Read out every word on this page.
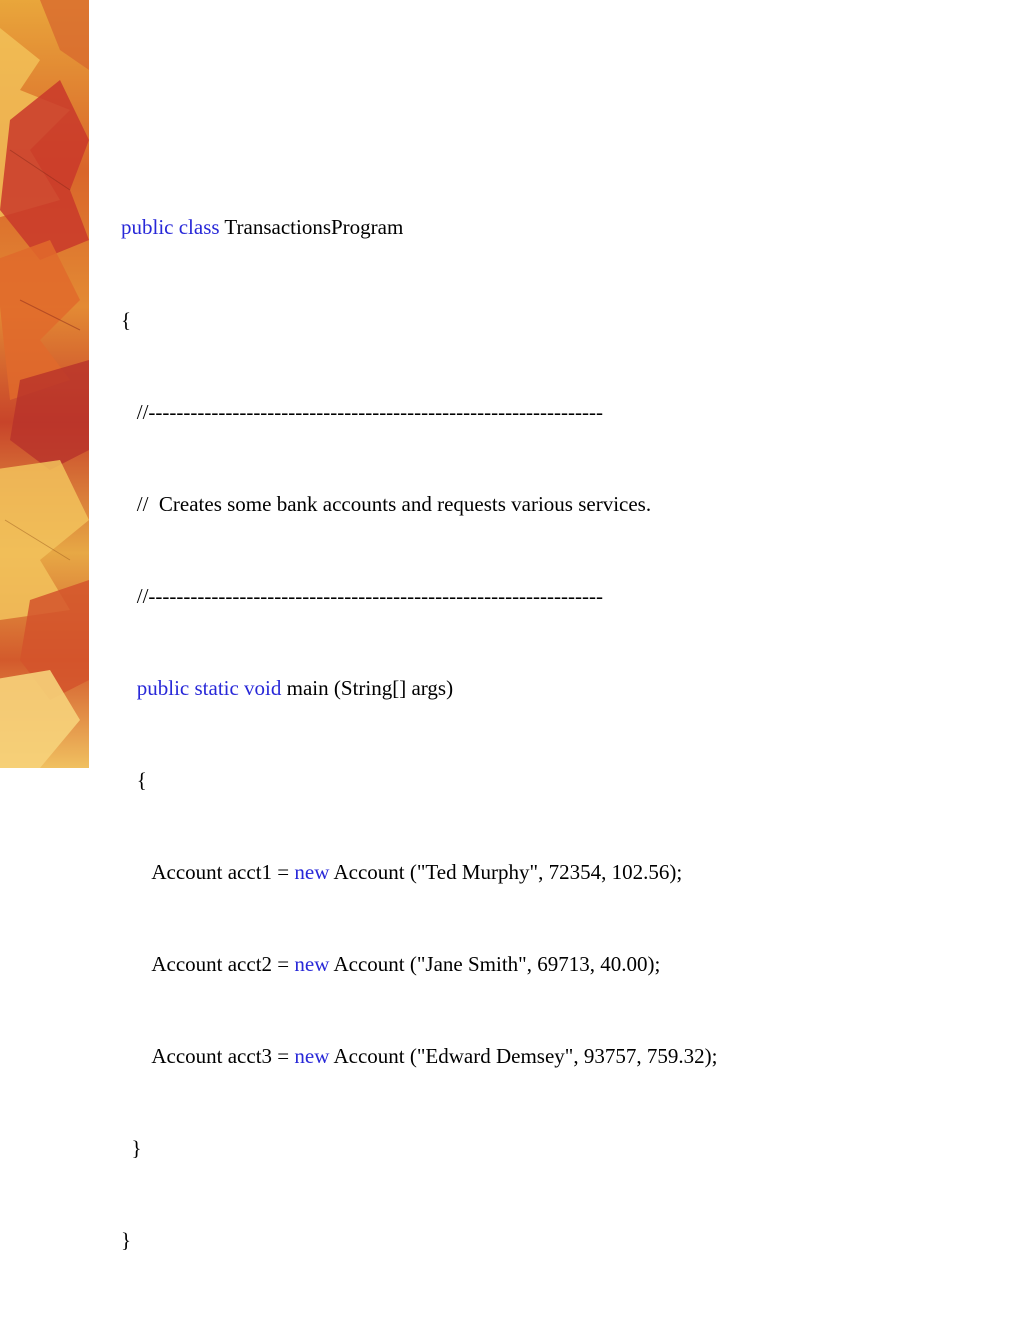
public class TransactionsProgram

{

//-----------------------------------------------------------------

//  Creates some bank accounts and requests various services.

//-----------------------------------------------------------------

public static void main (String[] args)

{

Account acct1 = new Account ("Ted Murphy", 72354, 102.56);

Account acct2 = new Account ("Jane Smith", 69713, 40.00);

Account acct3 = new Account ("Edward Demsey", 93757, 759.32);

}

}
